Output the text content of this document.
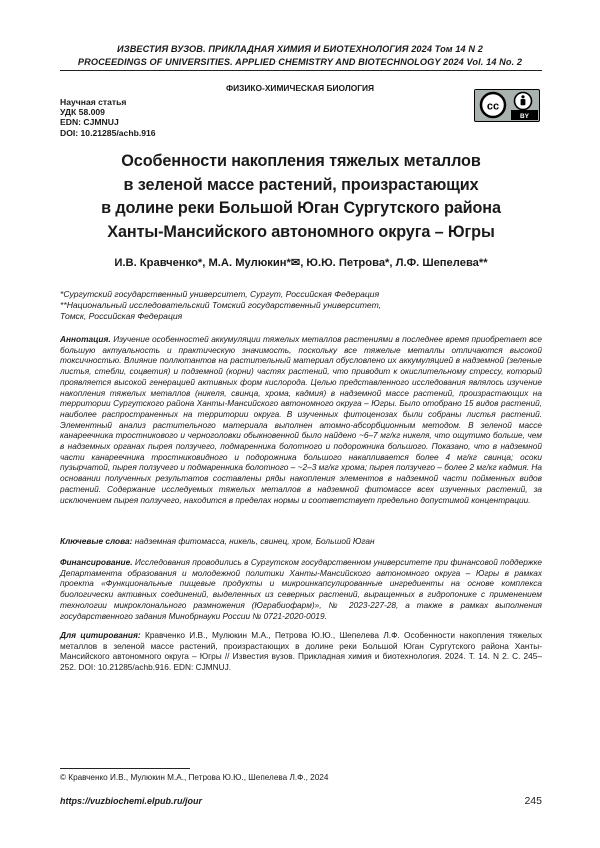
ИЗВЕСТИЯ ВУЗОВ. ПРИКЛАДНАЯ ХИМИЯ И БИОТЕХНОЛОГИЯ 2024 Том 14 N 2
PROCEEDINGS OF UNIVERSITIES. APPLIED CHEMISTRY AND BIOTECHNOLOGY 2024 Vol. 14 No. 2
ФИЗИКО-ХИМИЧЕСКАЯ БИОЛОГИЯ
Научная статья
УДК 58.009
EDN: CJMNUJ
DOI: 10.21285/achb.916
cc
BY
Особенности накопления тяжелых металлов
в зеленой массе растений, произрастающих
в долине реки Большой Юган Сургутского района
Ханты-Мансийского автономного округа – Югры
И.В. Кравченко*, М.А. Мулюкин*✉, Ю.Ю. Петрова*, Л.Ф. Шепелева**
*Сургутский государственный университет, Сургут, Российская Федерация
**Национальный исследовательский Томский государственный университет,
Томск, Российская Федерация
Аннотация. Изучение особенностей аккумуляции тяжелых металлов растениями в последнее время приобретает все большую актуальность и практическую значимость, поскольку все тяжелые металлы отличаются высокой токсичностью. Влияние поллютантов на растительный материал обусловлено их аккумуляцией в надземной (зеленые листья, стебли, соцветия) и подземной (корни) частях растений, что приводит к окислительному стрессу, который проявляется высокой генерацией активных форм кислорода. Целью представленного исследования являлось изучение накопления тяжелых металлов (никеля, свинца, хрома, кадмия) в надземной массе растений, произрастающих на территории Сургутского района Ханты-Мансийского автономного округа – Югры. Было отобрано 15 видов растений, наиболее распространенных на территории округа. В изученных фитоценозах были собраны листья растений. Элементный анализ растительного материала выполнен атомно-абсорбционным методом. В зеленой массе канареечника тростникового и черноголовки обыкновенной было найдено ~6–7 мг/кг никеля, что ощутимо больше, чем в надземных органах пырея ползучего, подмаренника болотного и подорожника большого. Показано, что в надземной части канареечника тростниковидного и подорожника большого накапливается более 4 мг/кг свинца; осоки пузырчатой, пырея ползучего и подмаренника болотного – ~2–3 мг/кг хрома; пырея ползучего – более 2 мг/кг кадмия. На основании полученных результатов составлены ряды накопления элементов в надземной части пойменных видов растений. Содержание исследуемых тяжелых металлов в надземной фитомассе всех изученных растений, за исключением пырея ползучего, находится в пределах нормы и соответствует предельно допустимой концентрации.
Ключевые слова: надземная фитомасса, никель, свинец, хром, Большой Юган
Финансирование. Исследования проводились в Сургутском государственном университете при финансовой поддержке Департамента образования и молодежной политики Ханты-Мансийского автономного округа – Югры в рамках проекта «Функциональные пищевые продукты и микроинкапсулированные ингредиенты на основе комплекса биологически активных соединений, выделенных из северных растений, выращенных в гидропонике с применением технологии микроклонального размножения (Юграбиофарм)», № 2023-227-28, а также в рамках выполнения государственного задания Минобрнауки России № 0721-2020-0019.
Для цитирования: Кравченко И.В., Мулюкин М.А., Петрова Ю.Ю., Шепелева Л.Ф. Особенности накопления тяжелых металлов в зеленой массе растений, произрастающих в долине реки Большой Юган Сургутского района Ханты-Мансийского автономного округа – Югры // Известия вузов. Прикладная химия и биотехнология. 2024. Т. 14. N 2. С. 245–252. DOI: 10.21285/achb.916. EDN: CJMNUJ.
© Кравченко И.В., Мулюкин М.А., Петрова Ю.Ю., Шепелева Л.Ф., 2024
https://vuzbiochemi.elpub.ru/jour	245
